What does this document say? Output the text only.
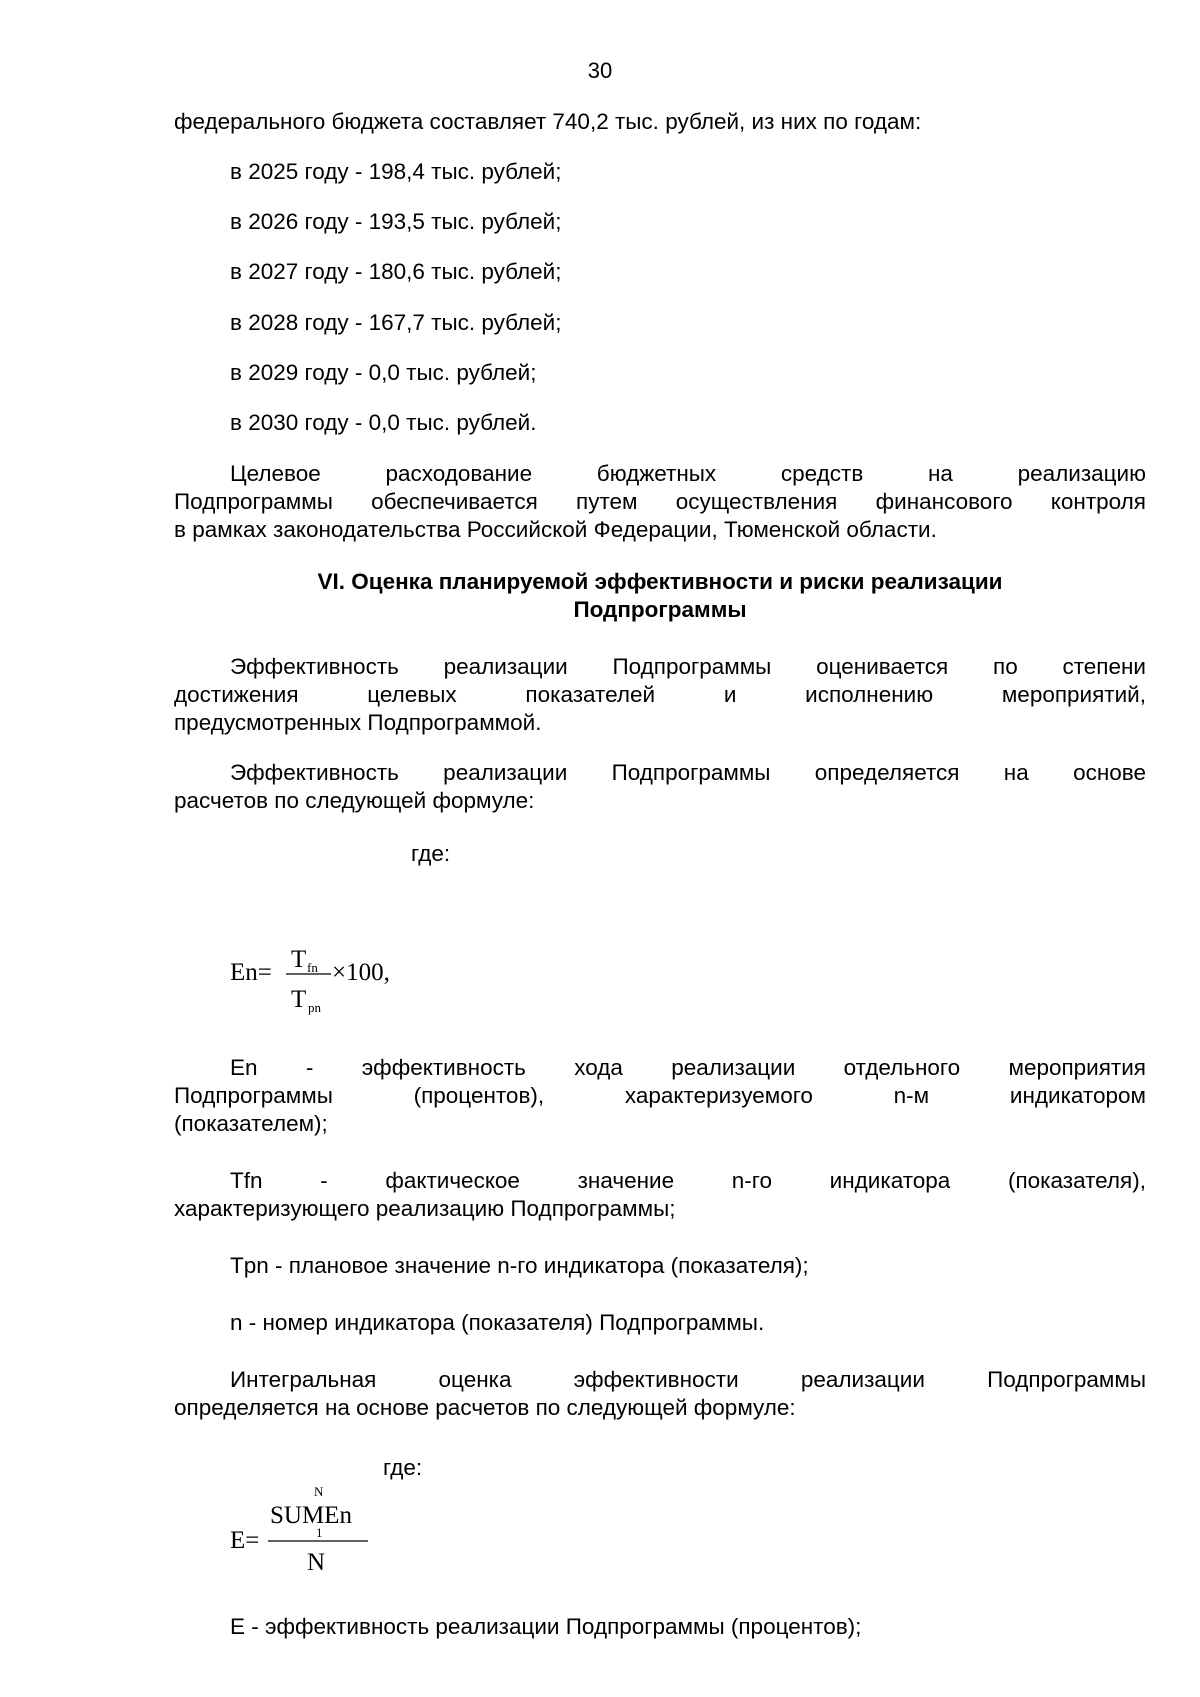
30
федерального бюджета составляет 740,2 тыс. рублей, из них по годам:
в 2025 году - 198,4 тыс. рублей;
в 2026 году - 193,5 тыс. рублей;
в 2027 году - 180,6 тыс. рублей;
в 2028 году - 167,7 тыс. рублей;
в 2029 году - 0,0 тыс. рублей;
в 2030 году - 0,0 тыс. рублей.
Целевое расходование бюджетных средств на реализацию
Подпрограммы обеспечивается путем осуществления финансового контроля
в рамках законодательства Российской Федерации, Тюменской области.
VI. Оценка планируемой эффективности и риски реализации
Подпрограммы
Эффективность реализации Подпрограммы оценивается по степени
достижения целевых показателей и исполнению мероприятий,
предусмотренных Подпрограммой.
Эффективность реализации Подпрограммы определяется на основе
расчетов по следующей формуле:
где:
En= T fn
T pn
×100,
En - эффективность хода реализации отдельного мероприятия
Подпрограммы (процентов), характеризуемого n-м индикатором
(показателем);
Tfn - фактическое значение n-го индикатора (показателя),
характеризующего реализацию Подпрограммы;
Tpn - плановое значение n-го индикатора (показателя);
n - номер индикатора (показателя) Подпрограммы.
Интегральная оценка эффективности реализации Подпрограммы
определяется на основе расчетов по следующей формуле:
где:
E=
N
SUMEn
1
N
E - эффективность реализации Подпрограммы (процентов);
